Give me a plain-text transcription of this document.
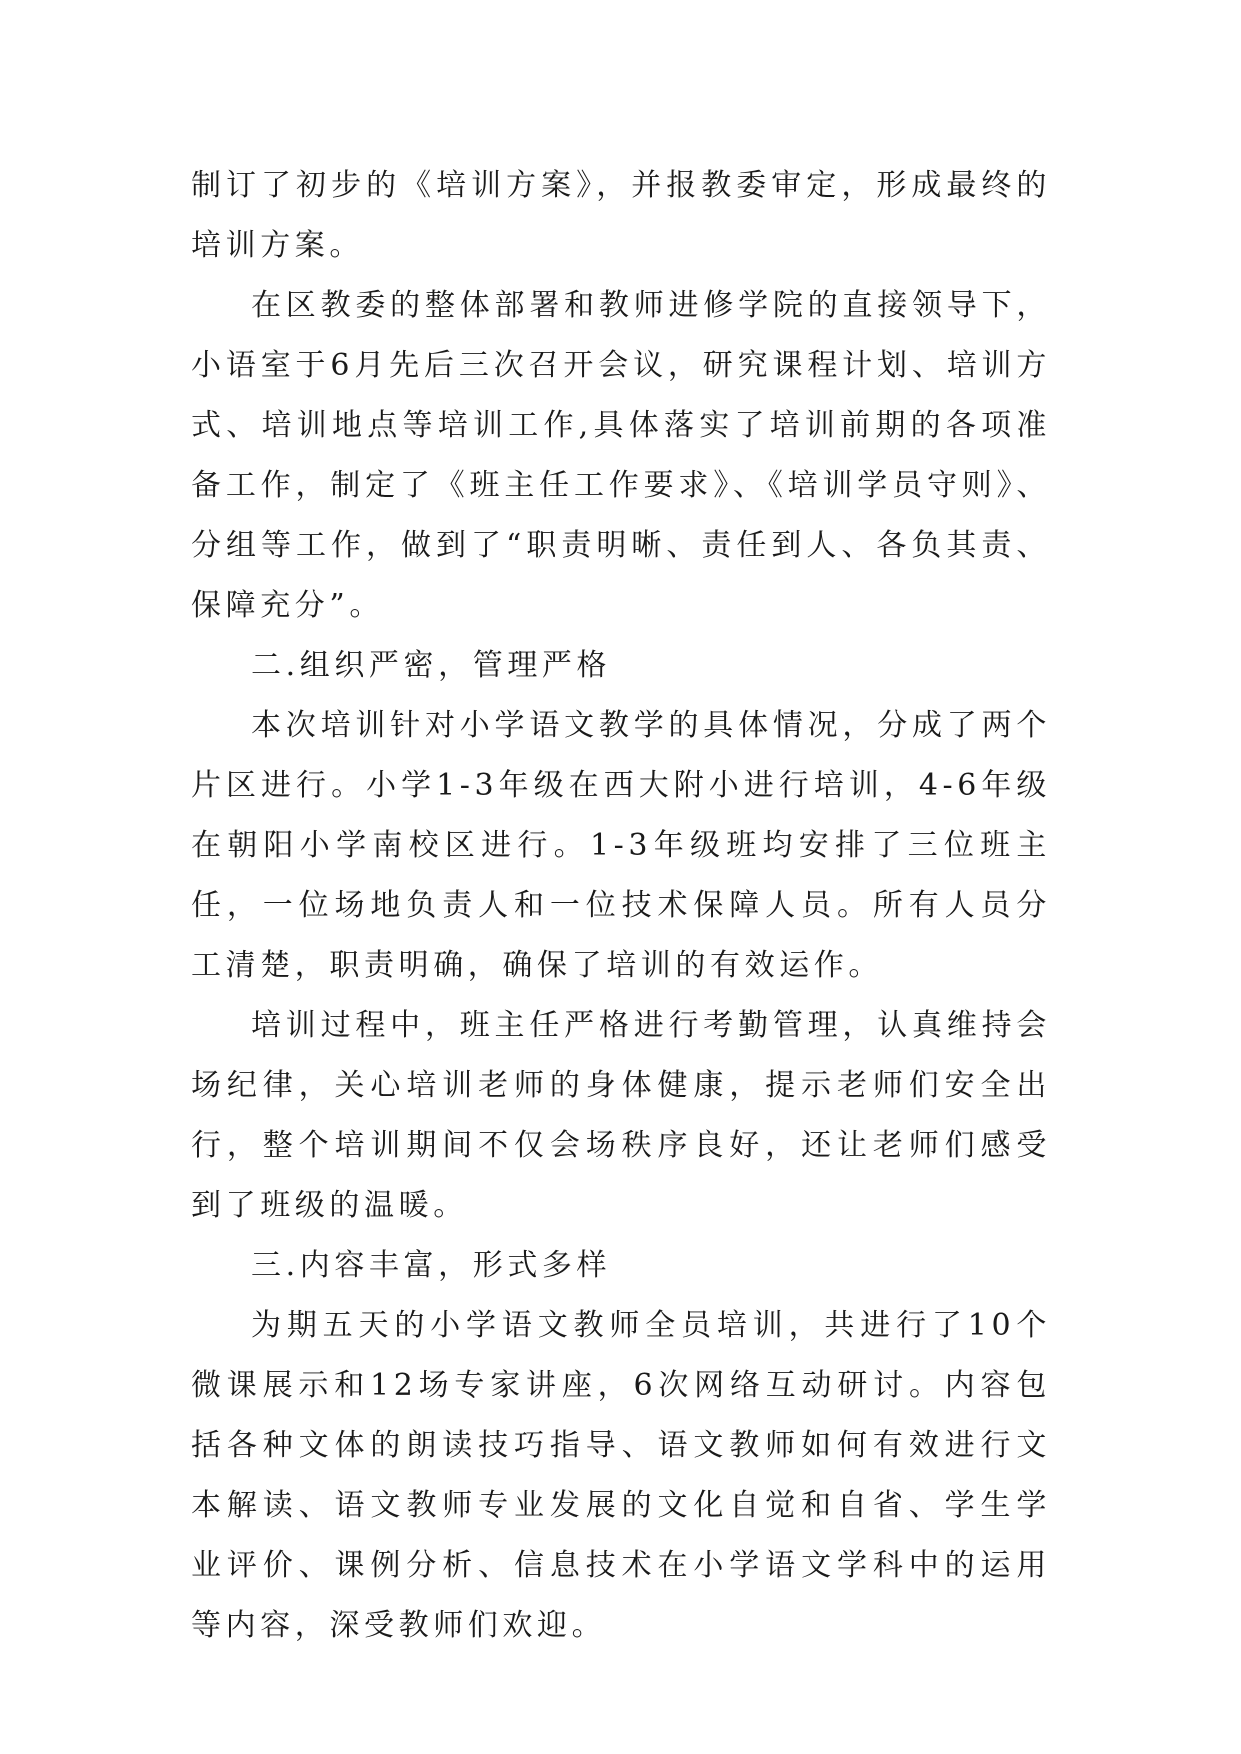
制订了初步的《培训方案》，并报教委审定，形成最终的培训方案。

在区教委的整体部署和教师进修学院的直接领导下，小语室于6月先后三次召开会议，研究课程计划、培训方式、培训地点等培训工作,具体落实了培训前期的各项准备工作，制定了《班主任工作要求》、《培训学员守则》、分组等工作，做到了“职责明晰、责任到人、各负其责、保障充分”。

二.组织严密，管理严格

本次培训针对小学语文教学的具体情况，分成了两个片区进行。小学1-3年级在西大附小进行培训，4-6年级在朝阳小学南校区进行。1-3年级班均安排了三位班主任，一位场地负责人和一位技术保障人员。所有人员分工清楚，职责明确，确保了培训的有效运作。

培训过程中，班主任严格进行考勤管理，认真维持会场纪律，关心培训老师的身体健康，提示老师们安全出行，整个培训期间不仅会场秩序良好，还让老师们感受到了班级的温暖。

三.内容丰富，形式多样

为期五天的小学语文教师全员培训，共进行了10个微课展示和12场专家讲座，6次网络互动研讨。内容包括各种文体的朗读技巧指导、语文教师如何有效进行文本解读、语文教师专业发展的文化自觉和自省、学生学业评价、课例分析、信息技术在小学语文学科中的运用等内容，深受教师们欢迎。
